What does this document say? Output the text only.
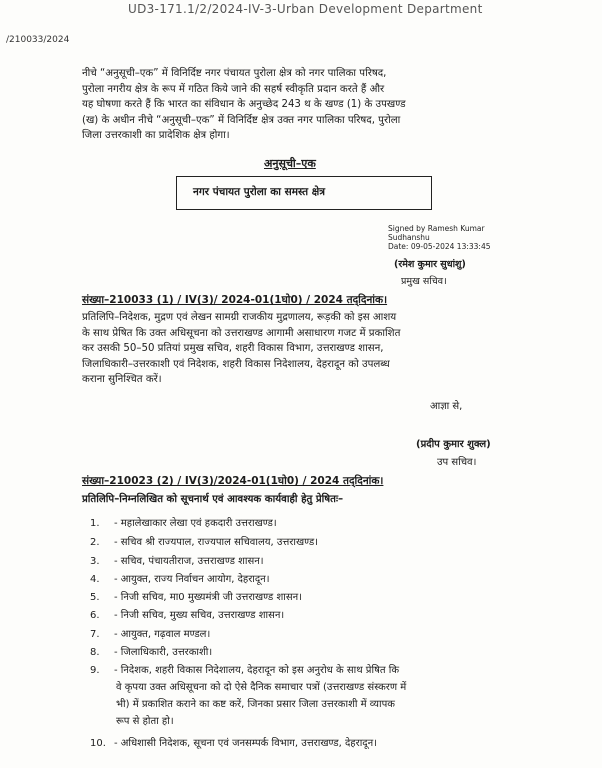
UD3-171.1/2/2024-IV-3-Urban Development Department
/210033/2024
नीचे “अनुसूची–एक” में विनिर्दिष्ट नगर पंचायत पुरोला क्षेत्र को नगर पालिका परिषद,
पुरोला नगरीय क्षेत्र के रूप में गठित किये जाने की सहर्ष स्वीकृति प्रदान करते हैं और
यह घोषणा करते हैं कि भारत का संविधान के अनुच्छेद 243 थ के खण्ड (1) के उपखण्ड
(ख) के अधीन नीचे “अनुसूची–एक” में विनिर्दिष्ट क्षेत्र उक्त नगर पालिका परिषद, पुरोला
जिला उत्तरकाशी का प्रादेशिक क्षेत्र होगा।
अनुसूची–एक
नगर पंचायत पुरोला का समस्त क्षेत्र
Signed by Ramesh Kumar
Sudhanshu
Date: 09-05-2024 13:33:45
(रमेश कुमार सुधांशु)
प्रमुख सचिव।
संख्या–210033 (1) / IV(3)/ 2024-01(1घो0) / 2024 तद्‌दिनांक।
प्रतिलिपि–निदेशक, मुद्रण एवं लेखन सामग्री राजकीय मुद्रणालय, रूड़की को इस आशय
के साथ प्रेषित कि उक्त अधिसूचना को उत्तराखण्ड आगामी असाधारण गजट में प्रकाशित
कर उसकी 50–50 प्रतियां प्रमुख सचिव, शहरी विकास विभाग, उत्तराखण्ड शासन,
जिलाधिकारी–उत्तरकाशी एवं निदेशक, शहरी विकास निदेशालय, देहरादून को उपलब्ध
कराना सुनिश्चित करें।
आज्ञा से,
(प्रदीप कुमार शुक्ल)
उप सचिव।
संख्या–210023 (2) / IV(3)/2024-01(1घो0) / 2024 तद्‌दिनांक।
प्रतिलिपि–निम्नलिखित को सूचनार्थ एवं आवश्यक कार्यवाही हेतु प्रेषितः–
1. - महालेखाकार लेखा एवं हकदारी उत्तराखण्ड।
2. - सचिव श्री राज्यपाल, राज्यपाल सचिवालय, उत्तराखण्ड।
3. - सचिव, पंचायतीराज, उत्तराखण्ड शासन।
4. - आयुक्त, राज्य निर्वाचन आयोग, देहरादून।
5. - निजी सचिव, मा0 मुख्यमंत्री जी उत्तराखण्ड शासन।
6. - निजी सचिव, मुख्य सचिव, उत्तराखण्ड शासन।
7. - आयुक्त, गढ़वाल मण्डल।
8. - जिलाधिकारी, उत्तरकाशी।
9. - निदेशक, शहरी विकास निदेशालय, देहरादून को इस अनुरोध के साथ प्रेषित कि
वे कृपया उक्त अधिसूचना को दो ऐसे दैनिक समाचार पत्रों (उत्तराखण्ड संस्करण में
भी) में प्रकाशित कराने का कष्ट करें, जिनका प्रसार जिला उत्तरकाशी में व्यापक
रूप से होता हो।
10. - अधिशासी निदेशक, सूचना एवं जनसम्पर्क विभाग, उत्तराखण्ड, देहरादून।
